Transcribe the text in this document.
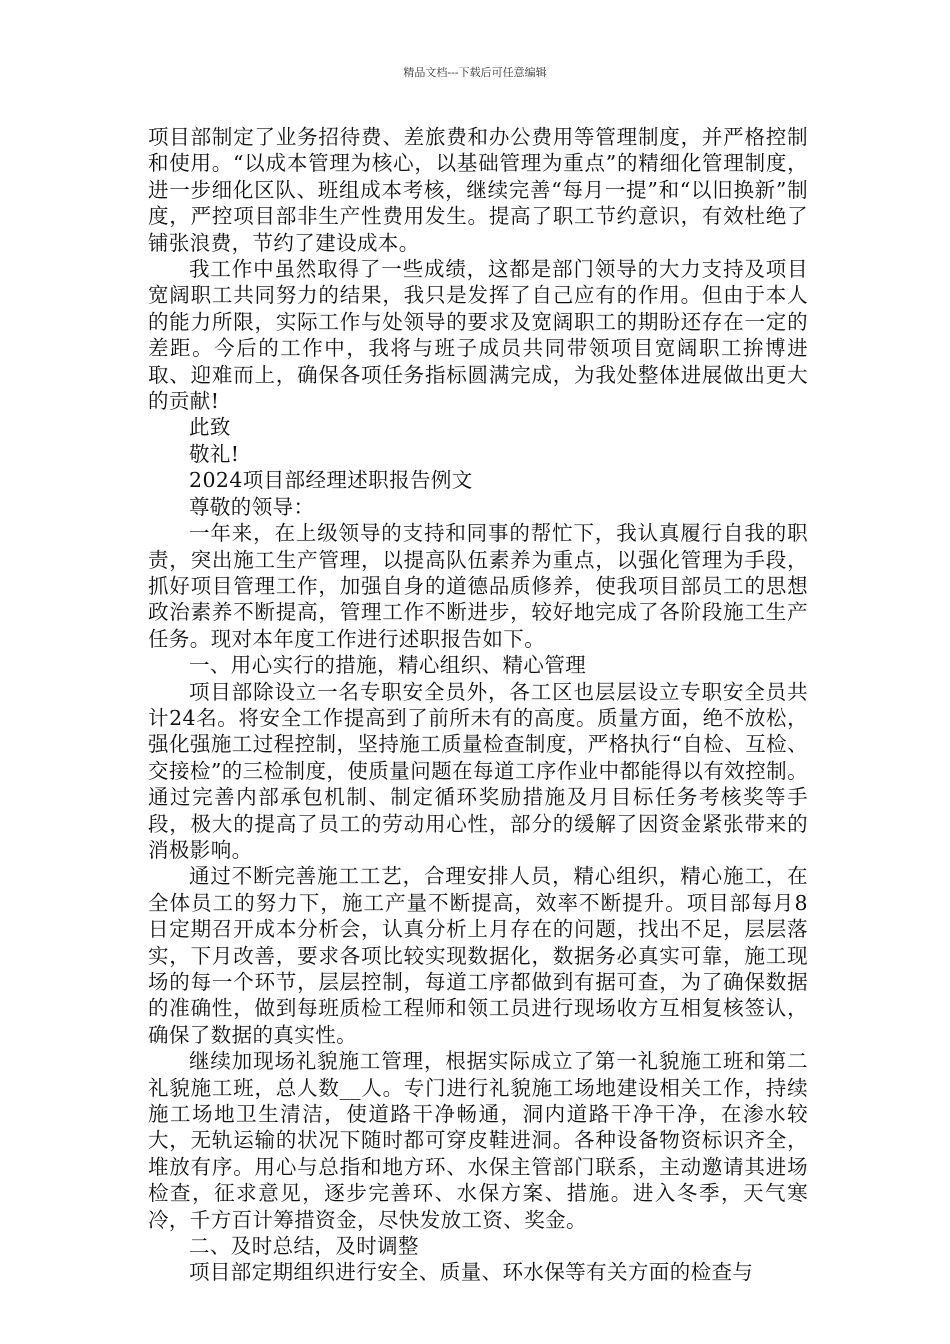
精品文档---下载后可任意编辑

项目部制定了业务招待费、差旅费和办公费用等管理制度，并严格控制和使用。“以成本管理为核心，以基础管理为重点”的精细化管理制度，进一步细化区队、班组成本考核，继续完善“每月一提”和“以旧换新”制度，严控项目部非生产性费用发生。提高了职工节约意识，有效杜绝了铺张浪费，节约了建设成本。

我工作中虽然取得了一些成绩，这都是部门领导的大力支持及项目宽阔职工共同努力的结果，我只是发挥了自己应有的作用。但由于本人的能力所限，实际工作与处领导的要求及宽阔职工的期盼还存在一定的差距。今后的工作中，我将与班子成员共同带领项目宽阔职工拚博进取、迎难而上，确保各项任务指标圆满完成，为我处整体进展做出更大的贡献!

此致

敬礼!

2024项目部经理述职报告例文

尊敬的领导：

一年来，在上级领导的支持和同事的帮忙下，我认真履行自我的职责，突出施工生产管理，以提高队伍素养为重点，以强化管理为手段，抓好项目管理工作，加强自身的道德品质修养，使我项目部员工的思想政治素养不断提高，管理工作不断进步，较好地完成了各阶段施工生产任务。现对本年度工作进行述职报告如下。

一、用心实行的措施，精心组织、精心管理

项目部除设立一名专职安全员外，各工区也层层设立专职安全员共计24名。将安全工作提高到了前所未有的高度。质量方面，绝不放松，强化强施工过程控制，坚持施工质量检查制度，严格执行“自检、互检、交接检”的三检制度，使质量问题在每道工序作业中都能得以有效控制。通过完善内部承包机制、制定循环奖励措施及月目标任务考核奖等手段，极大的提高了员工的劳动用心性，部分的缓解了因资金紧张带来的消极影响。

通过不断完善施工工艺，合理安排人员，精心组织，精心施工，在全体员工的努力下，施工产量不断提高，效率不断提升。项目部每月8日定期召开成本分析会，认真分析上月存在的问题，找出不足，层层落实，下月改善，要求各项比较实现数据化，数据务必真实可靠，施工现场的每一个环节，层层控制，每道工序都做到有据可查，为了确保数据的准确性，做到每班质检工程师和领工员进行现场收方互相复核签认，确保了数据的真实性。

继续加现场礼貌施工管理，根据实际成立了第一礼貌施工班和第二礼貌施工班，总人数__人。专门进行礼貌施工场地建设相关工作，持续施工场地卫生清洁，使道路干净畅通，洞内道路干净干净，在渗水较大，无轨运输的状况下随时都可穿皮鞋进洞。各种设备物资标识齐全，堆放有序。用心与总指和地方环、水保主管部门联系，主动邀请其进场检查，征求意见，逐步完善环、水保方案、措施。进入冬季，天气寒冷，千方百计筹措资金，尽快发放工资、奖金。

二、及时总结，及时调整

项目部定期组织进行安全、质量、环水保等有关方面的检查与
